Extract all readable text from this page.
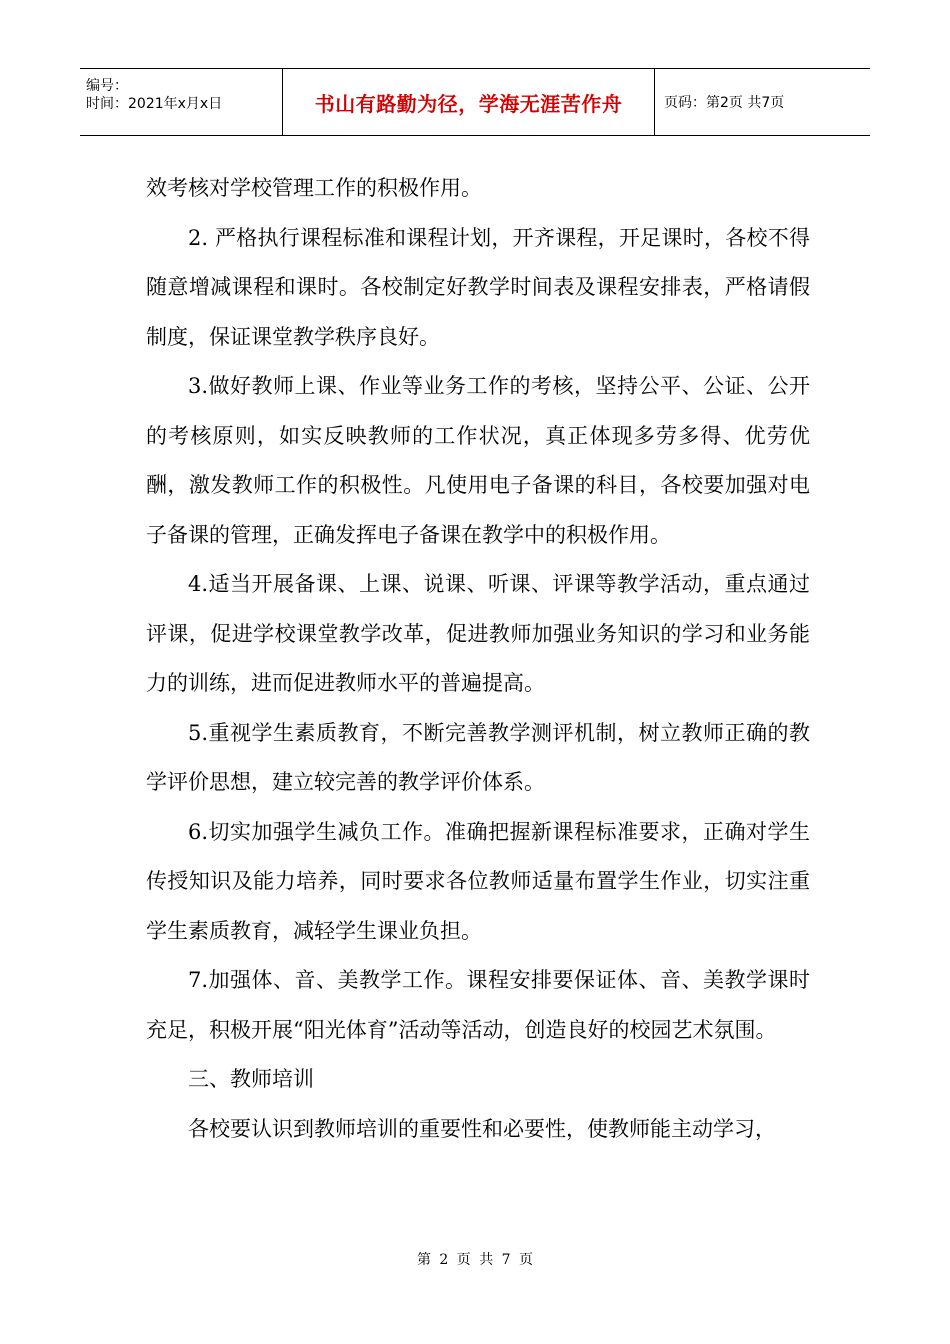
编号：
时间：2021年x月x日	书山有路勤为径，学海无涯苦作舟	页码：第2页 共7页

效考核对学校管理工作的积极作用。

2. 严格执行课程标准和课程计划，开齐课程，开足课时，各校不得随意增减课程和课时。各校制定好教学时间表及课程安排表，严格请假制度，保证课堂教学秩序良好。

3.做好教师上课、作业等业务工作的考核，坚持公平、公证、公开的考核原则，如实反映教师的工作状况，真正体现多劳多得、优劳优酬，激发教师工作的积极性。凡使用电子备课的科目，各校要加强对电子备课的管理，正确发挥电子备课在教学中的积极作用。

4.适当开展备课、上课、说课、听课、评课等教学活动，重点通过评课，促进学校课堂教学改革，促进教师加强业务知识的学习和业务能力的训练，进而促进教师水平的普遍提高。

5.重视学生素质教育，不断完善教学测评机制，树立教师正确的教学评价思想，建立较完善的教学评价体系。

6.切实加强学生减负工作。准确把握新课程标准要求，正确对学生传授知识及能力培养，同时要求各位教师适量布置学生作业，切实注重学生素质教育，减轻学生课业负担。

7.加强体、音、美教学工作。课程安排要保证体、音、美教学课时充足，积极开展“阳光体育”活动等活动，创造良好的校园艺术氛围。

三、教师培训

各校要认识到教师培训的重要性和必要性，使教师能主动学习，

第 2 页 共 7 页
